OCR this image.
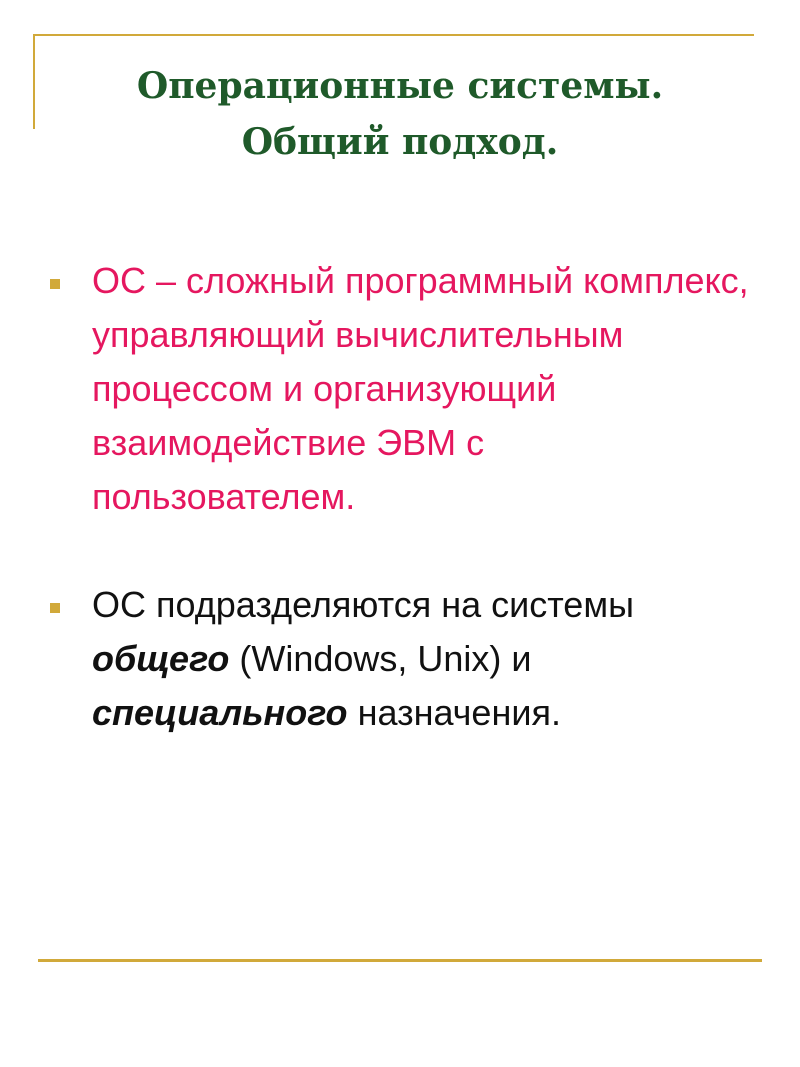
Операционные системы.
Общий подход.
ОС – сложный программный комплекс, управляющий вычислительным процессом и организующий взаимодействие ЭВМ с пользователем.
ОС подразделяются на системы общего (Windows, Unix) и специального назначения.
